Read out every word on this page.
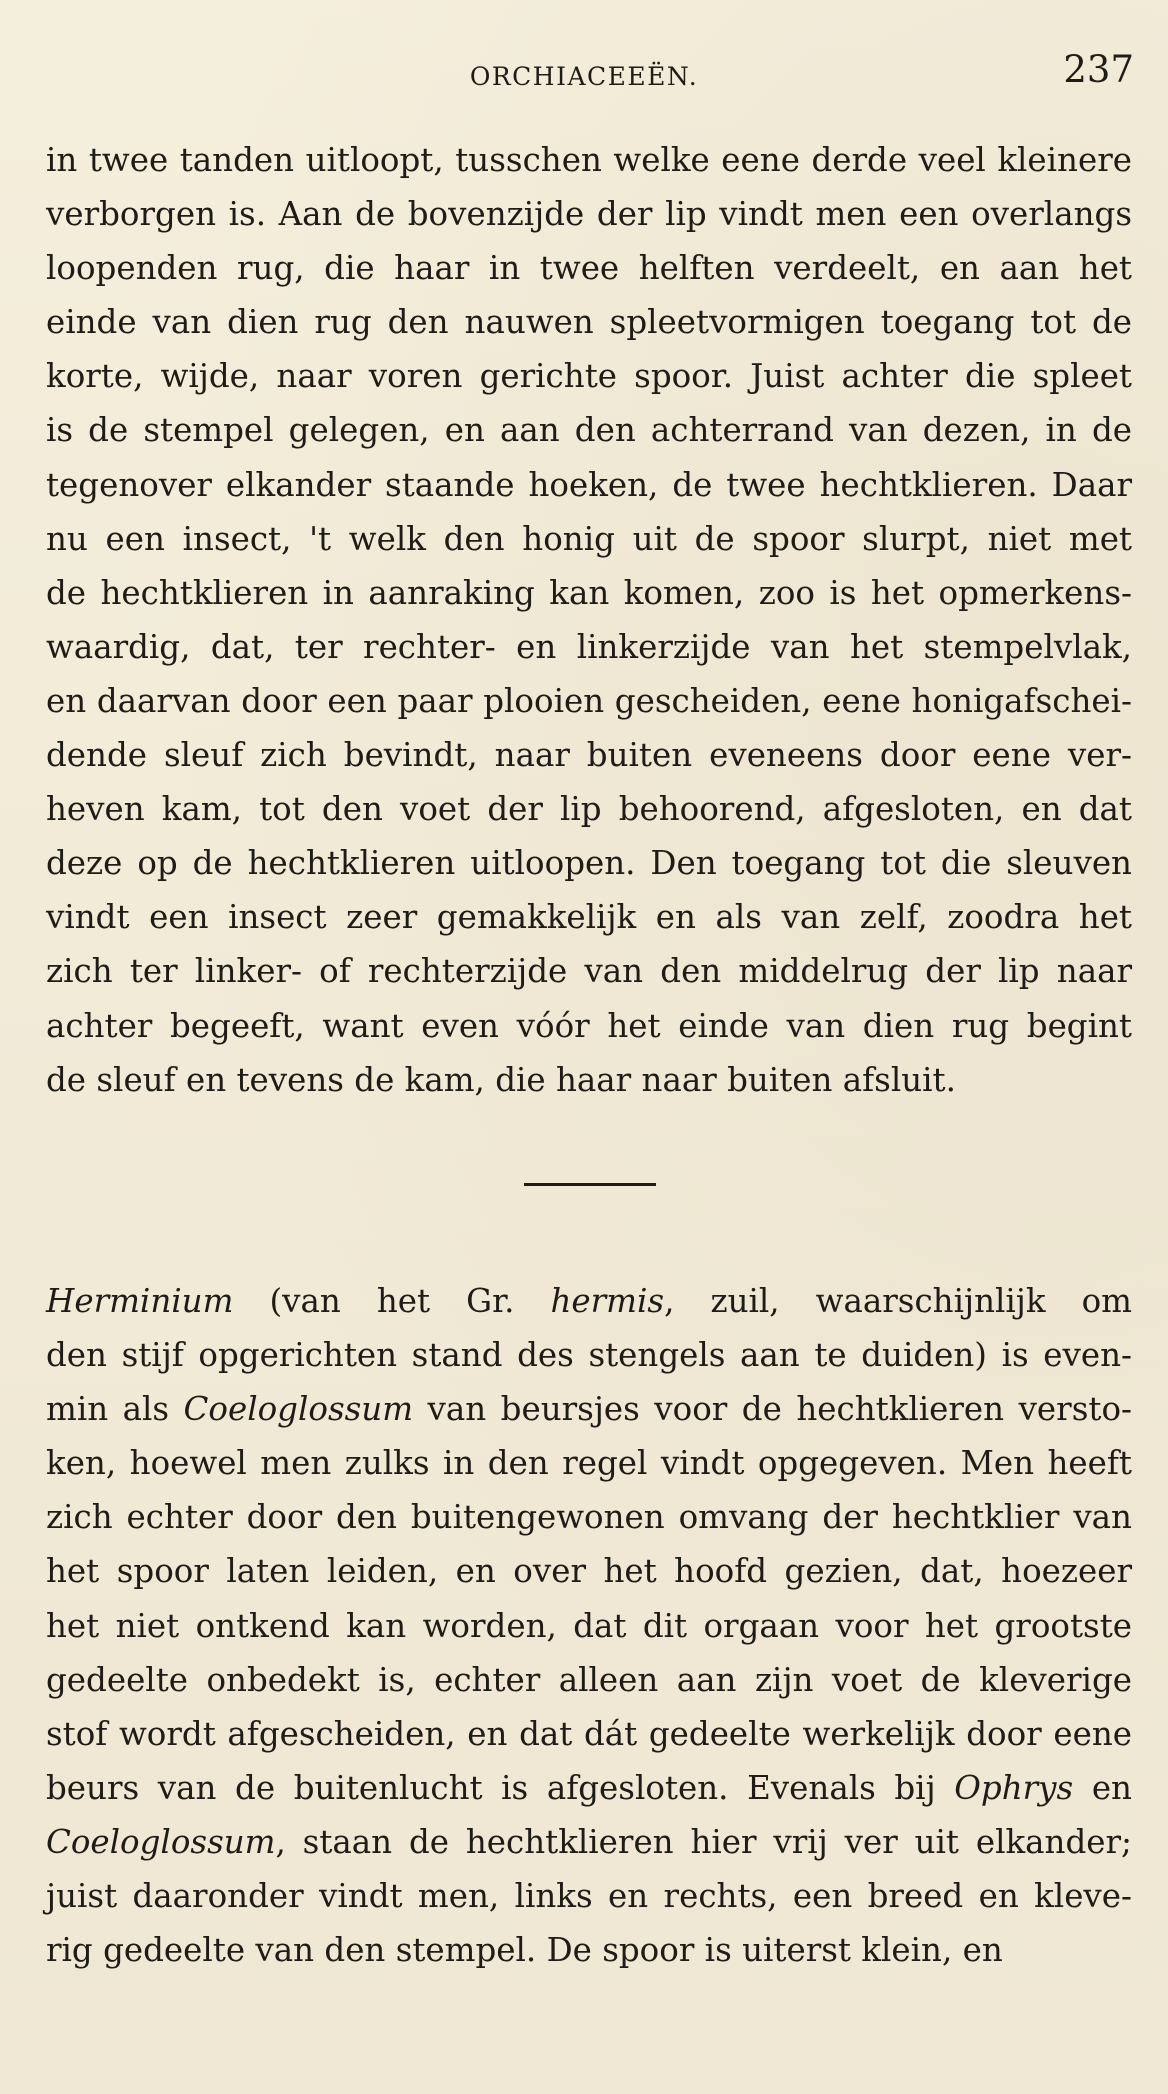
ORCHIACEEËN.	237
in twee tanden uitloopt, tusschen welke eene derde veel kleinere
verborgen is. Aan de bovenzijde der lip vindt men een overlangs
loopenden rug, die haar in twee helften verdeelt, en aan het
einde van dien rug den nauwen spleetvormigen toegang tot de
korte, wijde, naar voren gerichte spoor. Juist achter die spleet
is de stempel gelegen, en aan den achterrand van dezen, in de
tegenover elkander staande hoeken, de twee hechtklieren. Daar
nu een insect, 't welk den honig uit de spoor slurpt, niet met
de hechtklieren in aanraking kan komen, zoo is het opmerkens-
waardig, dat, ter rechter- en linkerzijde van het stempelvlak,
en daarvan door een paar plooien gescheiden, eene honigafschei-
dende sleuf zich bevindt, naar buiten eveneens door eene ver-
heven kam, tot den voet der lip behoorend, afgesloten, en dat
deze op de hechtklieren uitloopen. Den toegang tot die sleuven
vindt een insect zeer gemakkelijk en als van zelf, zoodra het
zich ter linker- of rechterzijde van den middelrug der lip naar
achter begeeft, want even vóór het einde van dien rug begint
de sleuf en tevens de kam, die haar naar buiten afsluit.
Herminium (van het Gr. hermis, zuil, waarschijnlijk om
den stijf opgerichten stand des stengels aan te duiden) is even-
min als Coeloglossum van beursjes voor de hechtklieren versto-
ken, hoewel men zulks in den regel vindt opgegeven. Men heeft
zich echter door den buitengewonen omvang der hechtklier van
het spoor laten leiden, en over het hoofd gezien, dat, hoezeer
het niet ontkend kan worden, dat dit orgaan voor het grootste
gedeelte onbedekt is, echter alleen aan zijn voet de kleverige
stof wordt afgescheiden, en dat dát gedeelte werkelijk door eene
beurs van de buitenlucht is afgesloten. Evenals bij Ophrys en
Coeloglossum, staan de hechtklieren hier vrij ver uit elkander;
juist daaronder vindt men, links en rechts, een breed en kleve-
rig gedeelte van den stempel. De spoor is uiterst klein, en
